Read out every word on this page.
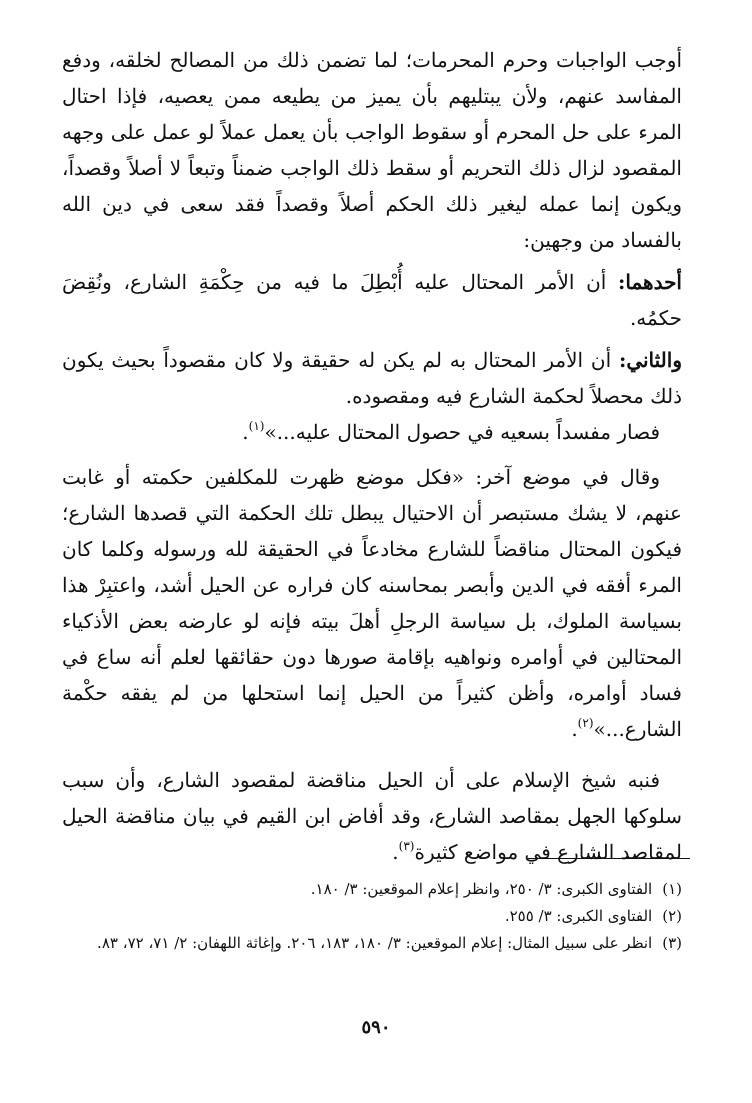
أوجب الواجبات وحرم المحرمات؛ لما تضمن ذلك من المصالح لخلقه، ودفع المفاسد عنهم، ولأن يبتليهم بأن يميز من يطيعه ممن يعصيه، فإذا احتال المرء على حل المحرم أو سقوط الواجب بأن يعمل عملاً لو عمل على وجهه المقصود لزال ذلك التحريم أو سقط ذلك الواجب ضمناً وتبعاً لا أصلاً وقصداً، ويكون إنما عمله ليغير ذلك الحكم أصلاً وقصداً فقد سعى في دين الله بالفساد من وجهين:

أحدهما: أن الأمر المحتال عليه أُبْطِلَ ما فيه من حِكْمَةِ الشارع، ونُقِضَ حكمُه.

والثاني: أن الأمر المحتال به لم يكن له حقيقة ولا كان مقصوداً بحيث يكون ذلك محصلاً لحكمة الشارع فيه ومقصوده.

فصار مفسداً بسعيه في حصول المحتال عليه...»$^{(١)}$.

وقال في موضع آخر: «فكل موضع ظهرت للمكلفين حكمته أو غابت عنهم، لا يشك مستبصر أن الاحتيال يبطل تلك الحكمة التي قصدها الشارع؛ فيكون المحتال مناقضاً للشارع مخادعاً في الحقيقة لله ورسوله وكلما كان المرء أفقه في الدين وأبصر بمحاسنه كان فراره عن الحيل أشد، واعتبِرْ هذا بسياسة الملوك، بل سياسة الرجلِ أهلَ بيته فإنه لو عارضه بعض الأذكياء المحتالين في أوامره ونواهيه بإقامة صورها دون حقائقها لعلم أنه ساع في فساد أوامره، وأظن كثيراً من الحيل إنما استحلها من لم يفقه حكْمة الشارع...»$^{(٢)}$.

فنبه شيخ الإسلام على أن الحيل مناقضة لمقصود الشارع، وأن سبب سلوكها الجهل بمقاصد الشارع، وقد أفاض ابن القيم في بيان مناقضة الحيل لمقاصد الشارع في مواضع كثيرة$^{(٣)}$.

(١)
الفتاوى الكبرى: ٣/ ٢٥٠، وانظر إعلام الموقعين: ٣/ ١٨٠.

(٢)
الفتاوى الكبرى: ٣/ ٢٥٥.

(٣)
انظر على سبيل المثال: إعلام الموقعين: ٣/ ١٨٠، ١٨٣، ٢٠٦. وإغاثة اللهفان: ٢/ ٧١، ٧٢، ٨٣.

٥٩٠
